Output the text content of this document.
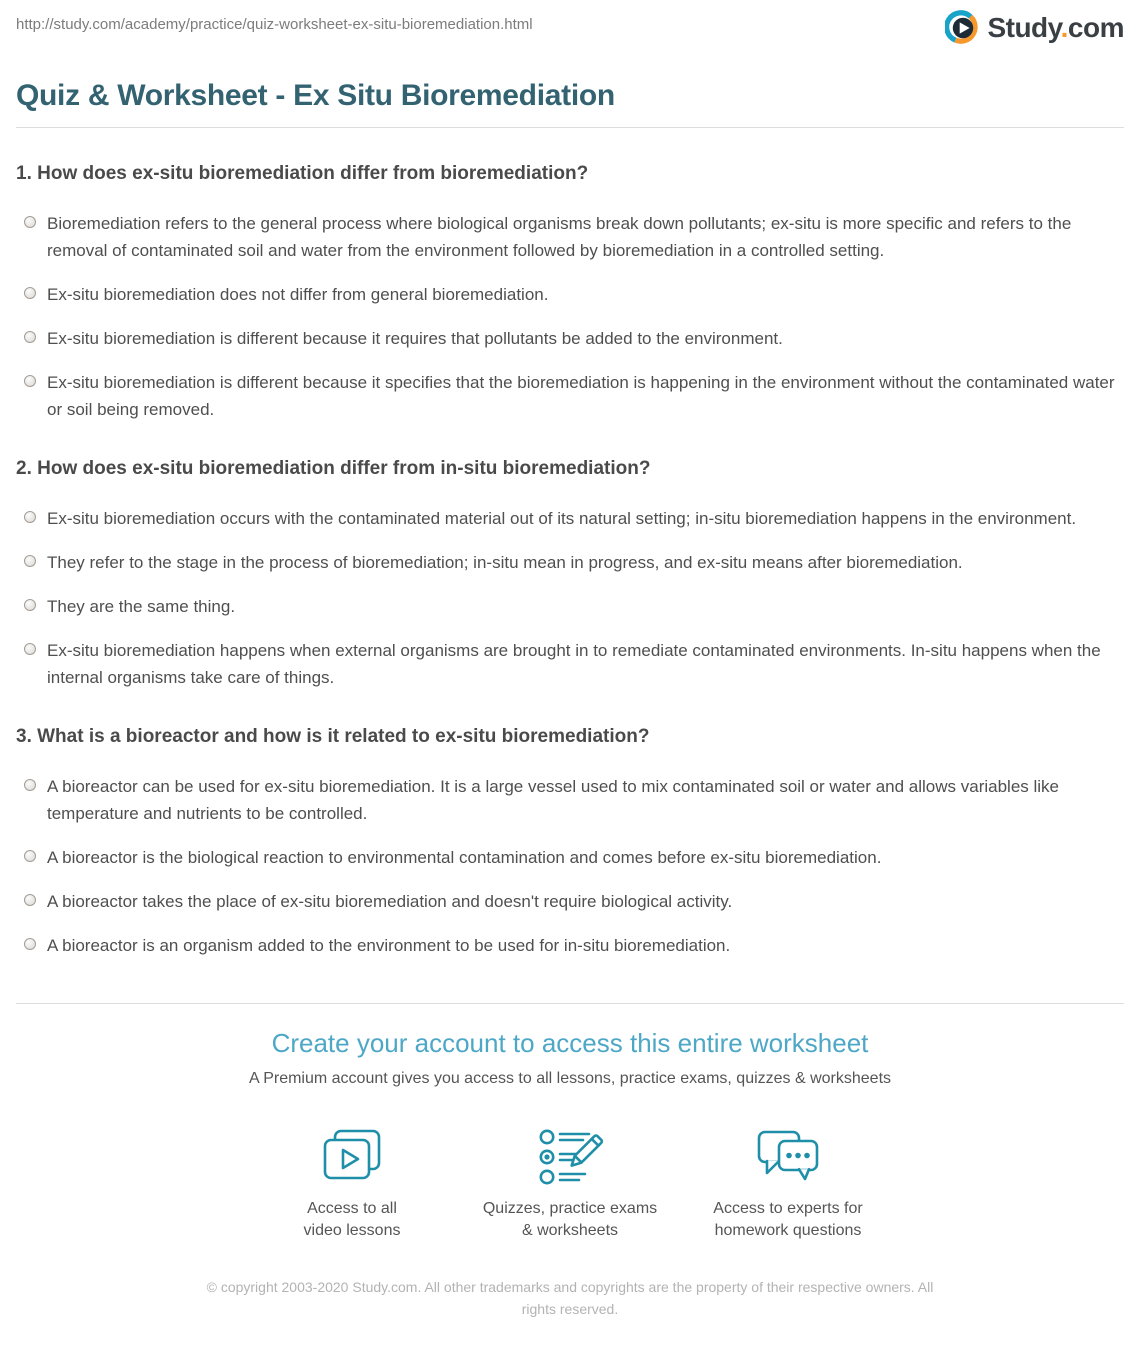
http://study.com/academy/practice/quiz-worksheet-ex-situ-bioremediation.html	Study.com
Quiz & Worksheet - Ex Situ Bioremediation
1. How does ex-situ bioremediation differ from bioremediation?
Bioremediation refers to the general process where biological organisms break down pollutants; ex-situ is more specific and refers to the removal of contaminated soil and water from the environment followed by bioremediation in a controlled setting.
Ex-situ bioremediation does not differ from general bioremediation.
Ex-situ bioremediation is different because it requires that pollutants be added to the environment.
Ex-situ bioremediation is different because it specifies that the bioremediation is happening in the environment without the contaminated water or soil being removed.
2. How does ex-situ bioremediation differ from in-situ bioremediation?
Ex-situ bioremediation occurs with the contaminated material out of its natural setting; in-situ bioremediation happens in the environment.
They refer to the stage in the process of bioremediation; in-situ mean in progress, and ex-situ means after bioremediation.
They are the same thing.
Ex-situ bioremediation happens when external organisms are brought in to remediate contaminated environments. In-situ happens when the internal organisms take care of things.
3. What is a bioreactor and how is it related to ex-situ bioremediation?
A bioreactor can be used for ex-situ bioremediation. It is a large vessel used to mix contaminated soil or water and allows variables like temperature and nutrients to be controlled.
A bioreactor is the biological reaction to environmental contamination and comes before ex-situ bioremediation.
A bioreactor takes the place of ex-situ bioremediation and doesn't require biological activity.
A bioreactor is an organism added to the environment to be used for in-situ bioremediation.
Create your account to access this entire worksheet

A Premium account gives you access to all lessons, practice exams, quizzes & worksheets

Access to all
video lessons
Quizzes, practice exams
& worksheets
Access to experts for
homework questions

© copyright 2003-2020 Study.com. All other trademarks and copyrights are the property of their respective owners. All rights reserved.
